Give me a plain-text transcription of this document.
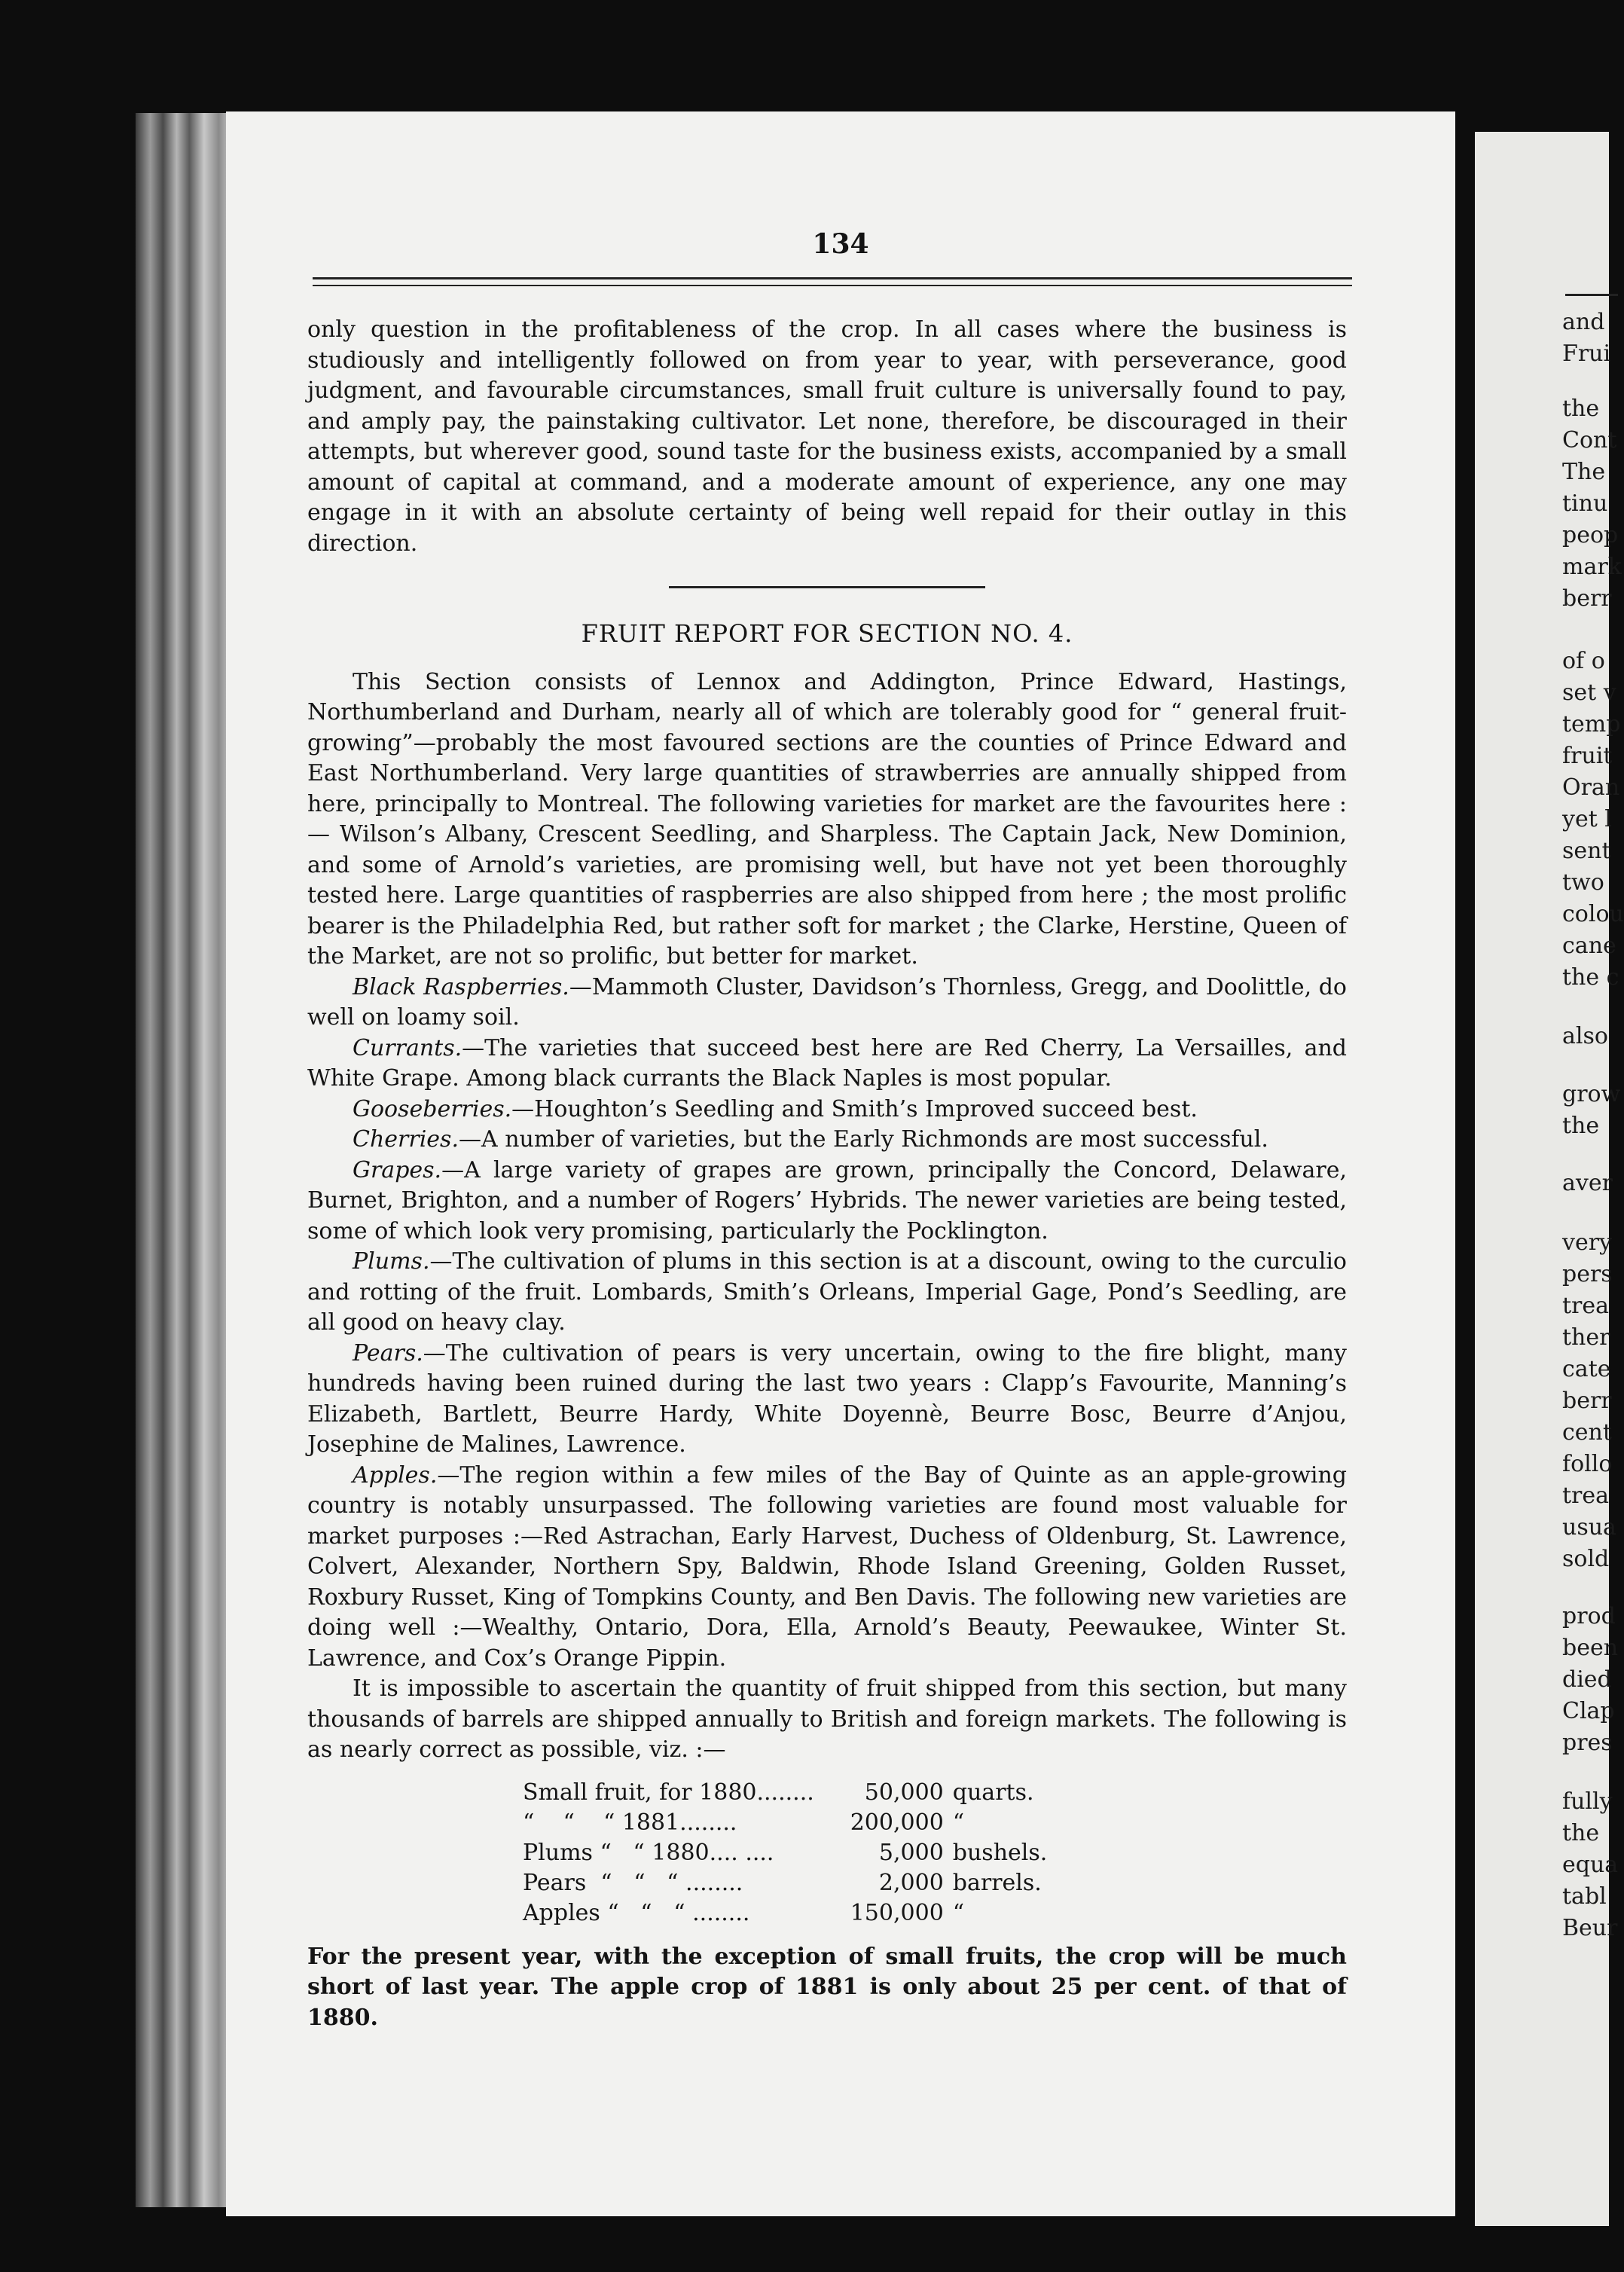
134

only question in the profitableness of the crop. In all cases where the business is studiously and intelligently followed on from year to year, with perseverance, good judgment, and favourable circumstances, small fruit culture is universally found to pay, and amply pay, the painstaking cultivator. Let none, therefore, be discouraged in their attempts, but wherever good, sound taste for the business exists, accompanied by a small amount of capital at command, and a moderate amount of experience, any one may engage in it with an absolute certainty of being well repaid for their outlay in this direction.

FRUIT REPORT FOR SECTION NO. 4.

This Section consists of Lennox and Addington, Prince Edward, Hastings, Northumberland and Durham, nearly all of which are tolerably good for “ general fruit-growing”—probably the most favoured sections are the counties of Prince Edward and East Northumberland. Very large quantities of strawberries are annually shipped from here, principally to Montreal. The following varieties for market are the favourites here :— Wilson’s Albany, Crescent Seedling, and Sharpless. The Captain Jack, New Dominion, and some of Arnold’s varieties, are promising well, but have not yet been thoroughly tested here. Large quantities of raspberries are also shipped from here ; the most prolific bearer is the Philadelphia Red, but rather soft for market ; the Clarke, Herstine, Queen of the Market, are not so prolific, but better for market.

Black Raspberries.—Mammoth Cluster, Davidson’s Thornless, Gregg, and Doolittle, do well on loamy soil.

Currants.—The varieties that succeed best here are Red Cherry, La Versailles, and White Grape. Among black currants the Black Naples is most popular.

Gooseberries.—Houghton’s Seedling and Smith’s Improved succeed best.

Cherries.—A number of varieties, but the Early Richmonds are most successful.

Grapes.—A large variety of grapes are grown, principally the Concord, Delaware, Burnet, Brighton, and a number of Rogers’ Hybrids. The newer varieties are being tested, some of which look very promising, particularly the Pocklington.

Plums.—The cultivation of plums in this section is at a discount, owing to the curculio and rotting of the fruit. Lombards, Smith’s Orleans, Imperial Gage, Pond’s Seedling, are all good on heavy clay.

Pears.—The cultivation of pears is very uncertain, owing to the fire blight, many hundreds having been ruined during the last two years : Clapp’s Favourite, Manning’s Elizabeth, Bartlett, Beurre Hardy, White Doyennè, Beurre Bosc, Beurre d’Anjou, Josephine de Malines, Lawrence.

Apples.—The region within a few miles of the Bay of Quinte as an apple-growing country is notably unsurpassed. The following varieties are found most valuable for market purposes :—Red Astrachan, Early Harvest, Duchess of Oldenburg, St. Lawrence, Colvert, Alexander, Northern Spy, Baldwin, Rhode Island Greening, Golden Russet, Roxbury Russet, King of Tompkins County, and Ben Davis. The following new varieties are doing well :—Wealthy, Ontario, Dora, Ella, Arnold’s Beauty, Peewaukee, Winter St. Lawrence, and Cox’s Orange Pippin.

It is impossible to ascertain the quantity of fruit shipped from this section, but many thousands of barrels are shipped annually to British and foreign markets. The following is as nearly correct as possible, viz. :—

Small fruit, for 1880........	50,000	quarts.
“    “    “ 1881........	200,000	“
Plums “   “ 1880.... ....	5,000	bushels.
Pears  “   “   “ ........	2,000	barrels.
Apples “   “   “ ........	150,000	“

For the present year, with the exception of small fruits, the crop will be much short of last year. The apple crop of 1881 is only about 25 per cent. of that of 1880.

and
Frui
the
Cont
The
tinu
peop
mark
berr
of o
set v
temp
fruit
Oran
yet l
sent
two
colou
cane
the c
also
grow
the
aver
very
pers
trea
ther
cate
berr
cent
follo
trea
usua
sold
prod
been
died
Clap
pres
fully
the
equa
tabl
Beur
